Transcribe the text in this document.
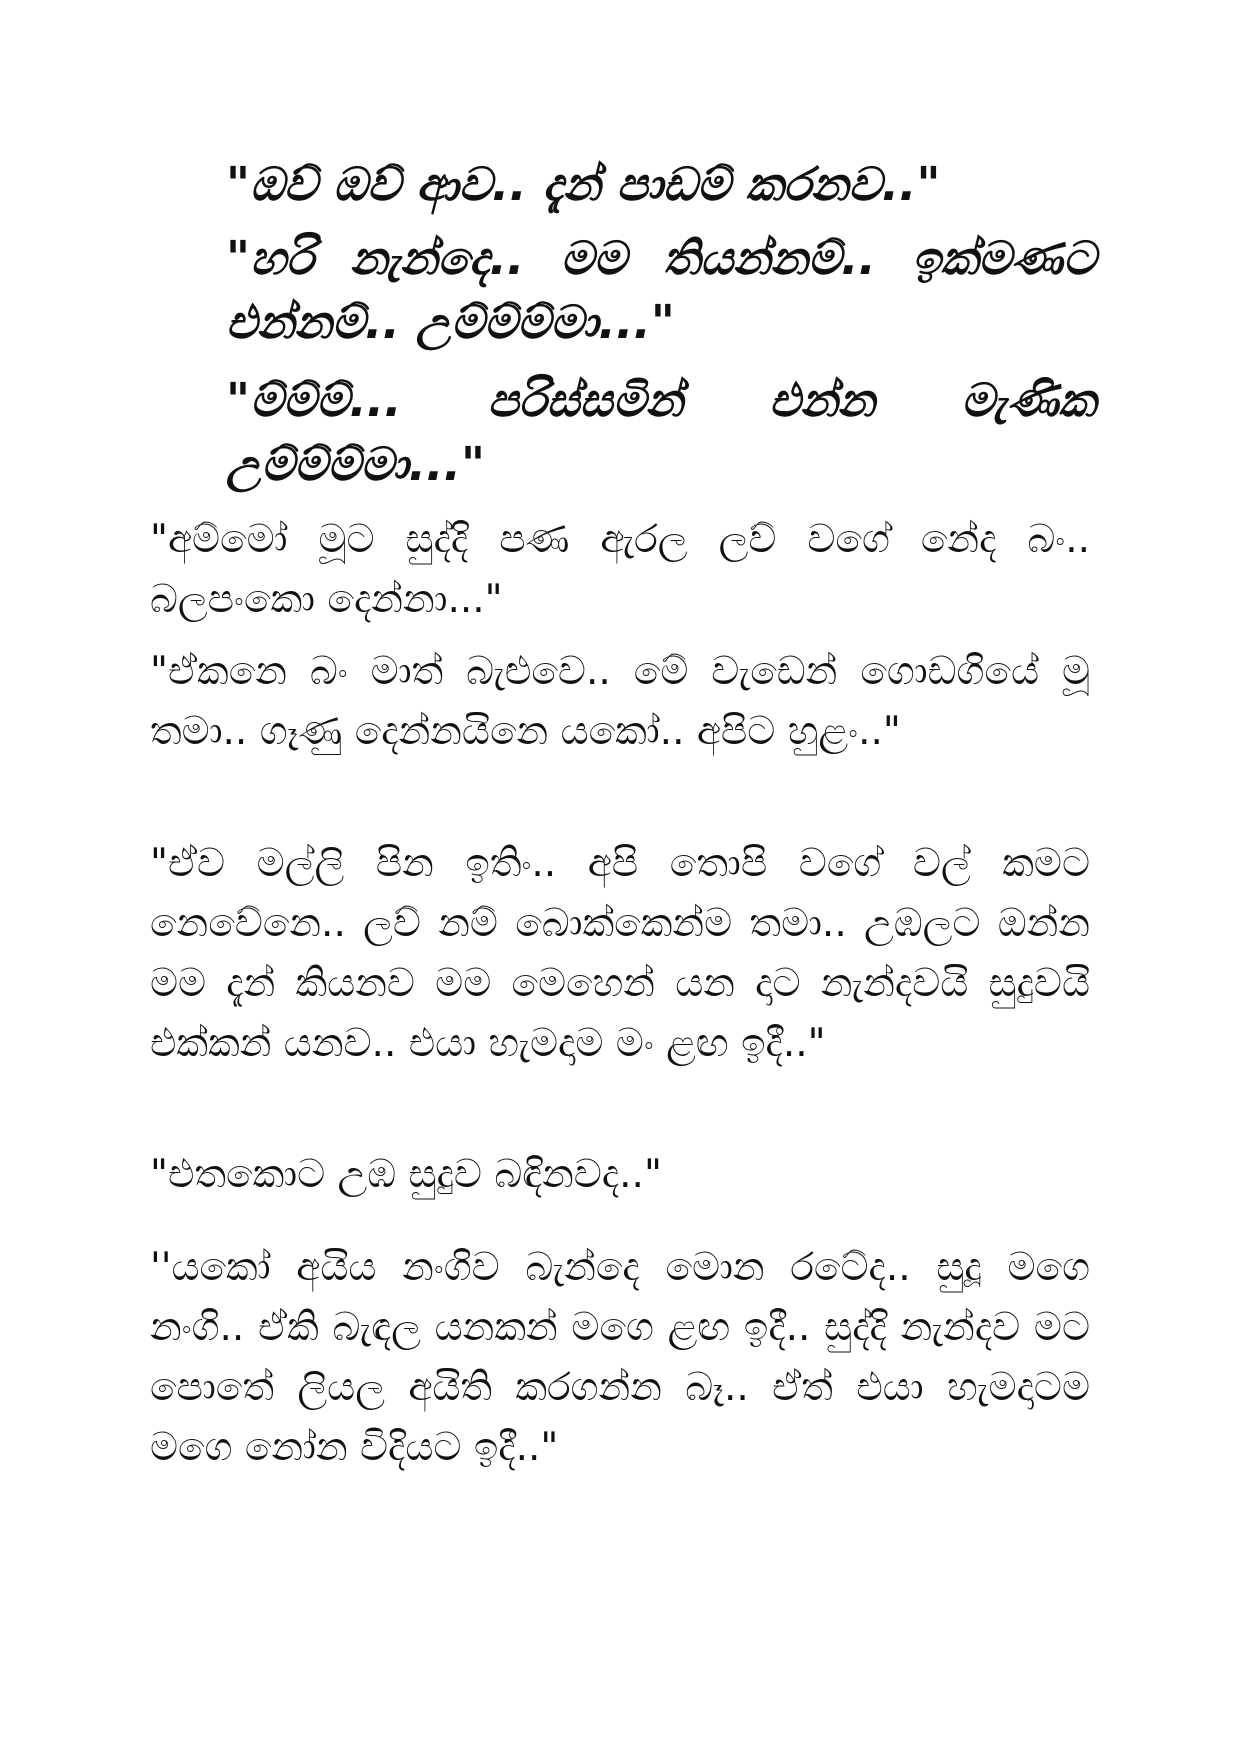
"ඔව් ඔව් ආව.. දැන් පාඩම් කරනව.."

"හරි නැන්දෙ.. මම තියන්නම්.. ඉක්මණට එන්නම්.. උම්ම්ම්මා..."

"ම්ම්ම්... පරිස්සමින් එන්න මැණික උම්ම්ම්මා..."

"අම්මෝ මූට සුද්දි පණ ඇරල ලව් වගේ නේද බං.. බලපංකො දෙන්නා..."

"ඒකනෙ බං මාත් බැළුවෙ.. මේ වැඩෙන් ගොඩගියේ මූ තමා.. ගෑණු දෙන්නයිනෙ යකෝ.. අපිට හුළං.."

"ඒව මල්ලි පින ඉතිං.. අපි තොපි වගේ වල් කමට නෙවේනෙ.. ලව් නම් බොක්කෙන්ම තමා.. උඹලට ඔන්න මම දැන් කියනව මම මෙහෙන් යන දාට නැන්දවයි සුදුවයි එක්කන් යනව.. එයා හැමදාම මං ළඟ ඉදී.."

"එතකොට උඹ සුදුව බඳිනවද.."

''යකෝ අයිය නංගිව බැන්දෙ මොන රටේද.. සුදූ මගෙ නංගි.. ඒකි බැඳල යනකන් මගෙ ළඟ ඉදී.. සුද්දි නැන්දව මට පොතේ ලියල අයිති කරගන්න බෑ.. ඒත් එයා හැමදාටම මගෙ නෝන විදියට ඉදී.."
